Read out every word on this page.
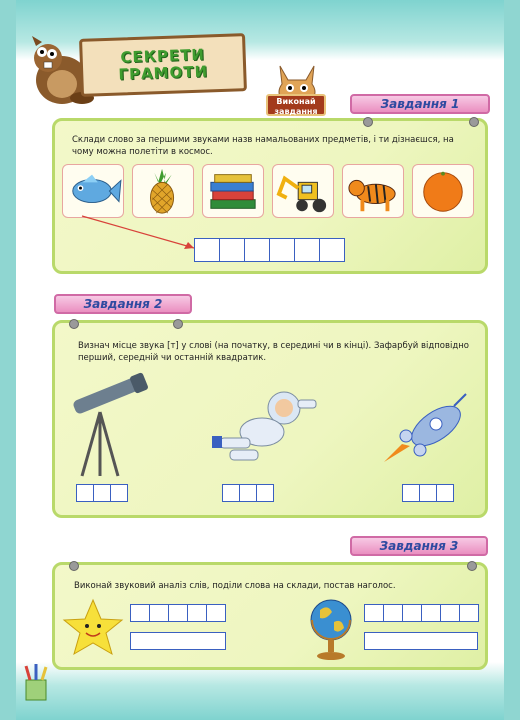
СЕКРЕТИ
ГРАМОТИ
Виконай
завдання
Завдання 1
Склади слово за першими звуками назв намальованих предметів, і ти дізнаєшся, на чому можна полетіти в космос.
Завдання 2
Визнач місце звука [т] у слові (на початку, в середині чи в кінці). Зафарбуй відповідно перший, середній чи останній квадратик.
Завдання 3
Виконай звуковий аналіз слів, поділи слова на склади, постав наголос.
